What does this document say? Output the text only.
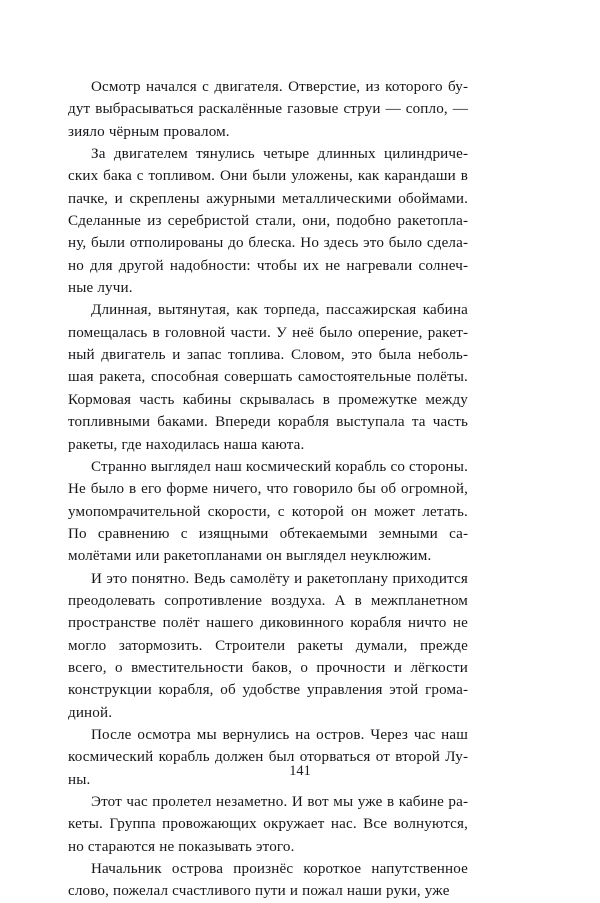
Осмотр начался с двигателя. Отверстие, из которого будут выбрасываться раскалённые газовые струи — сопло, — зияло чёрным провалом.

За двигателем тянулись четыре длинных цилиндрических бака с топливом. Они были уложены, как карандаши в пачке, и скреплены ажурными металлическими обоймами. Сделанные из серебристой стали, они, подобно ракетоплану, были отполированы до блеска. Но здесь это было сделано для другой надобности: чтобы их не нагревали солнечные лучи.

Длинная, вытянутая, как торпеда, пассажирская кабина помещалась в головной части. У неё было оперение, ракетный двигатель и запас топлива. Словом, это была небольшая ракета, способная совершать самостоятельные полёты. Кормовая часть кабины скрывалась в промежутке между топливными баками. Впереди корабля выступала та часть ракеты, где находилась наша каюта.

Странно выглядел наш космический корабль со стороны. Не было в его форме ничего, что говорило бы об огромной, умопомрачительной скорости, с которой он может летать. По сравнению с изящными обтекаемыми земными самолётами или ракетопланами он выглядел неуклюжим.

И это понятно. Ведь самолёту и ракетоплану приходится преодолевать сопротивление воздуха. А в межпланетном пространстве полёт нашего диковинного корабля ничто не могло затормозить. Строители ракеты думали, прежде всего, о вместительности баков, о прочности и лёгкости конструкции корабля, об удобстве управления этой громадиной.

После осмотра мы вернулись на остров. Через час наш космический корабль должен был оторваться от второй Луны.

Этот час пролетел незаметно. И вот мы уже в кабине ракеты. Группа провожающих окружает нас. Все волнуются, но стараются не показывать этого.

Начальник острова произнёс короткое напутственное слово, пожелал счастливого пути и пожал наши руки, уже

141
